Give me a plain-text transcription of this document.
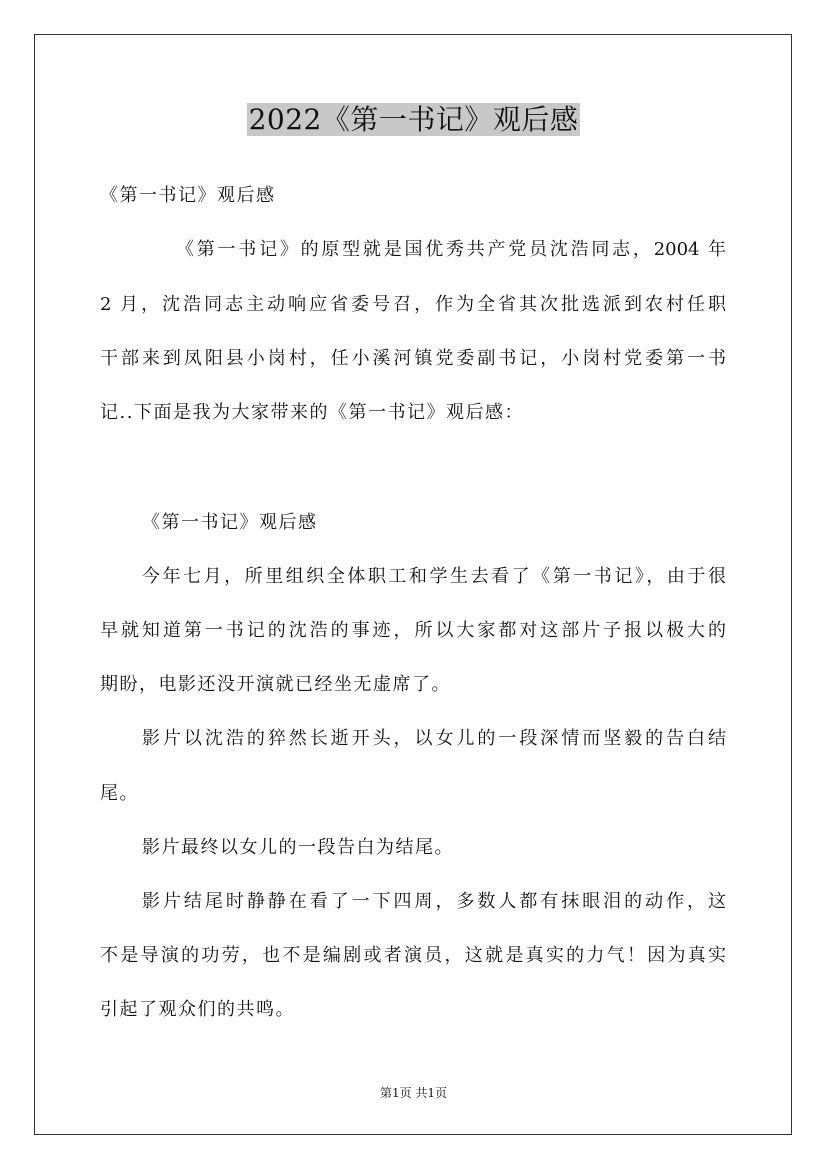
2022《第一书记》观后感
《第一书记》观后感
《第一书记》的原型就是国优秀共产党员沈浩同志，2004 年
2 月，沈浩同志主动响应省委号召，作为全省其次批选派到农村任职
干部来到凤阳县小岗村，任小溪河镇党委副书记，小岗村党委第一书
记..下面是我为大家带来的《第一书记》观后感：
《第一书记》观后感
今年七月，所里组织全体职工和学生去看了《第一书记》，由于很
早就知道第一书记的沈浩的事迹，所以大家都对这部片子报以极大的
期盼，电影还没开演就已经坐无虚席了。
影片以沈浩的猝然长逝开头，以女儿的一段深情而坚毅的告白结
尾。
影片最终以女儿的一段告白为结尾。
影片结尾时静静在看了一下四周，多数人都有抹眼泪的动作，这
不是导演的功劳，也不是编剧或者演员，这就是真实的力气！因为真实
引起了观众们的共鸣。
第1页 共1页
